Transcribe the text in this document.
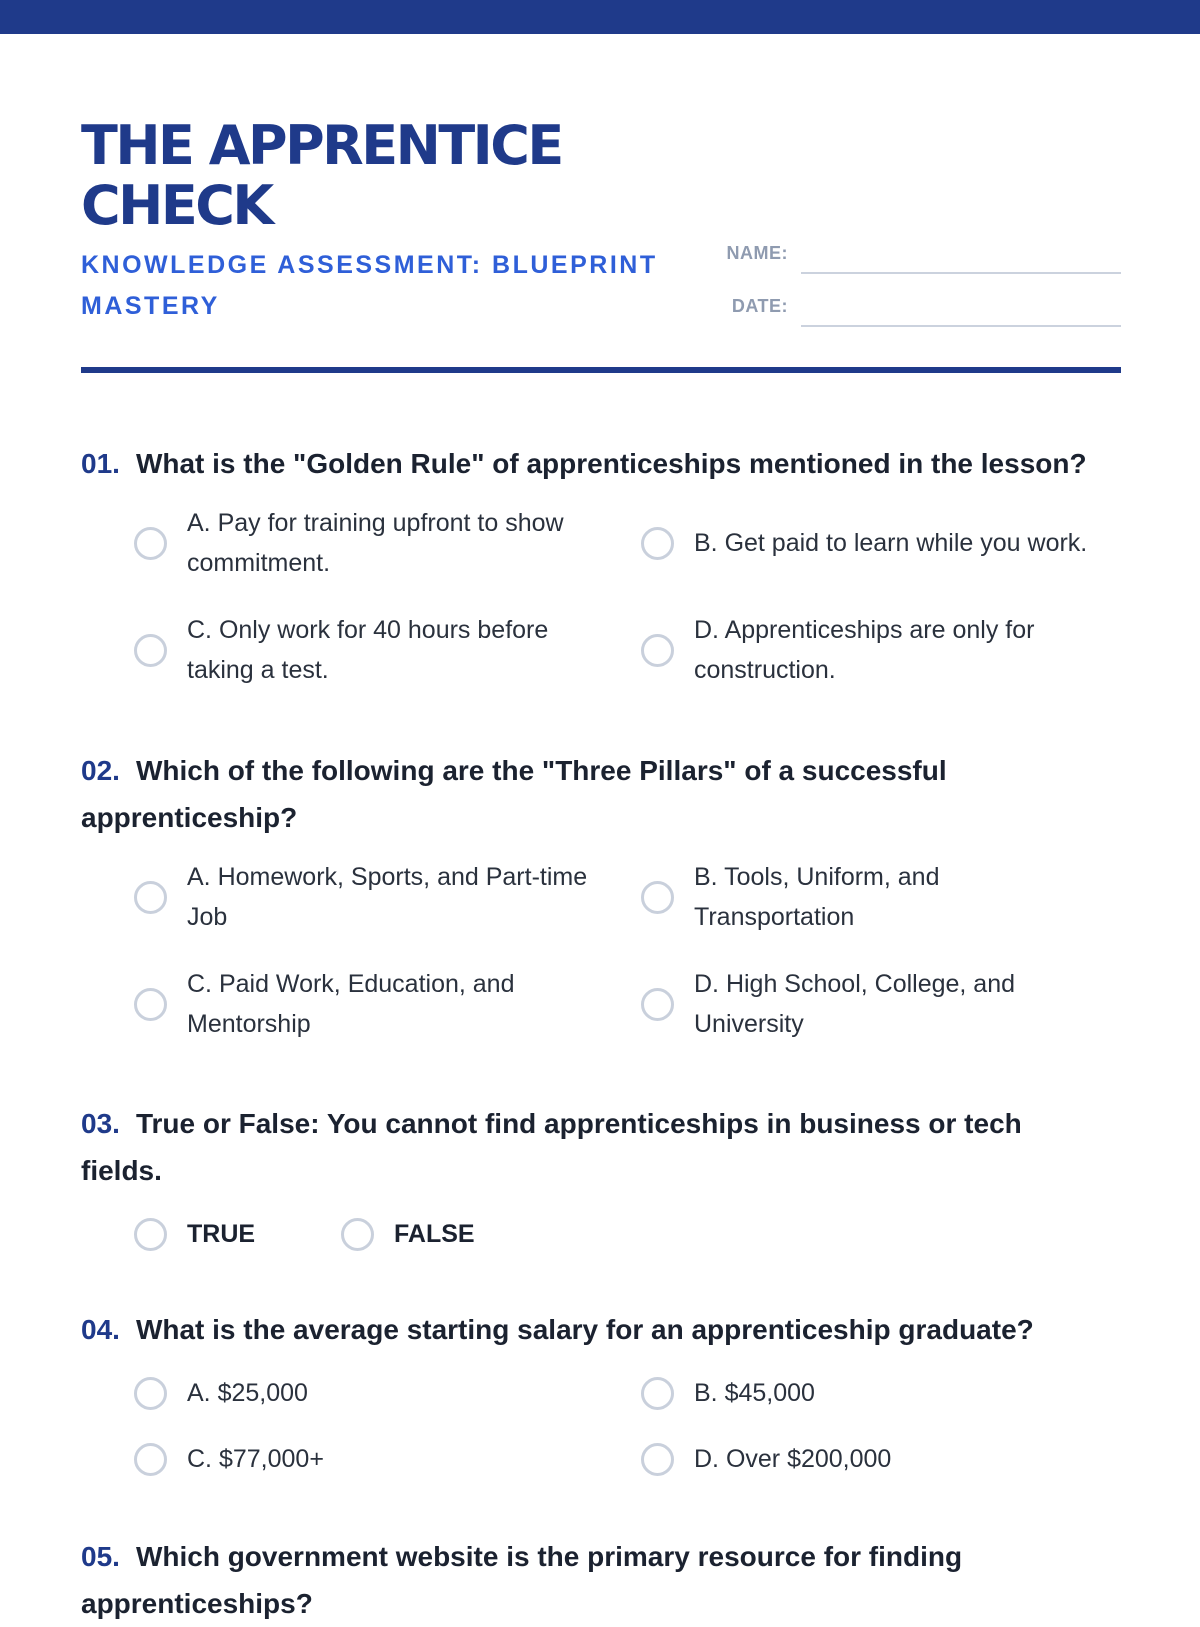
THE APPRENTICE CHECK
KNOWLEDGE ASSESSMENT: BLUEPRINT MASTERY
NAME:
DATE:
01. What is the "Golden Rule" of apprenticeships mentioned in the lesson?
A. Pay for training upfront to show commitment.
B. Get paid to learn while you work.
C. Only work for 40 hours before taking a test.
D. Apprenticeships are only for construction.
02. Which of the following are the "Three Pillars" of a successful apprenticeship?
A. Homework, Sports, and Part-time Job
B. Tools, Uniform, and Transportation
C. Paid Work, Education, and Mentorship
D. High School, College, and University
03. True or False: You cannot find apprenticeships in business or tech fields.
TRUE	FALSE
04. What is the average starting salary for an apprenticeship graduate?
A. $25,000	B. $45,000
C. $77,000+	D. Over $200,000
05. Which government website is the primary resource for finding apprenticeships?
